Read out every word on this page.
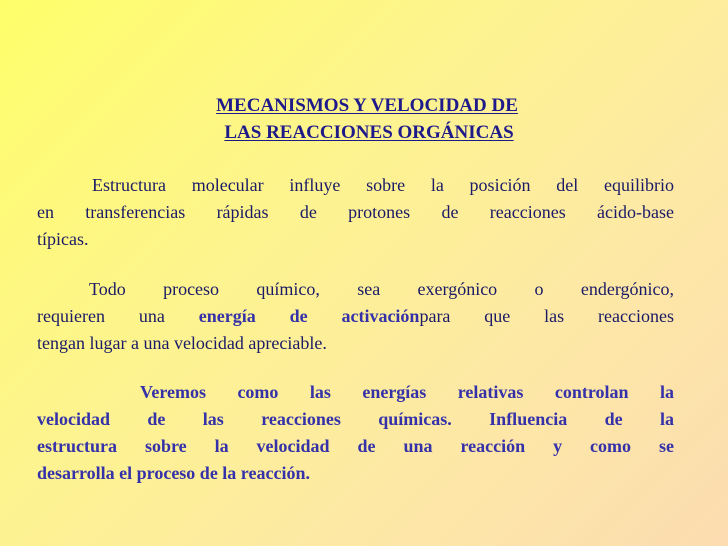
MECANISMOS Y VELOCIDAD DE
LAS REACCIONES ORGÁNICAS
Estructura molecular influye sobre la posición del equilibrio
en transferencias rápidas de protones de reacciones ácido-base
típicas.
Todo proceso químico, sea exergónico o endergónico,
requieren una energía de activaciónpara que las reacciones
tengan lugar a una velocidad apreciable.
Veremos como las energías relativas controlan la
velocidad de las reacciones químicas. Influencia de la
estructura sobre la velocidad de una reacción y como se
desarrolla el proceso de la reacción.
